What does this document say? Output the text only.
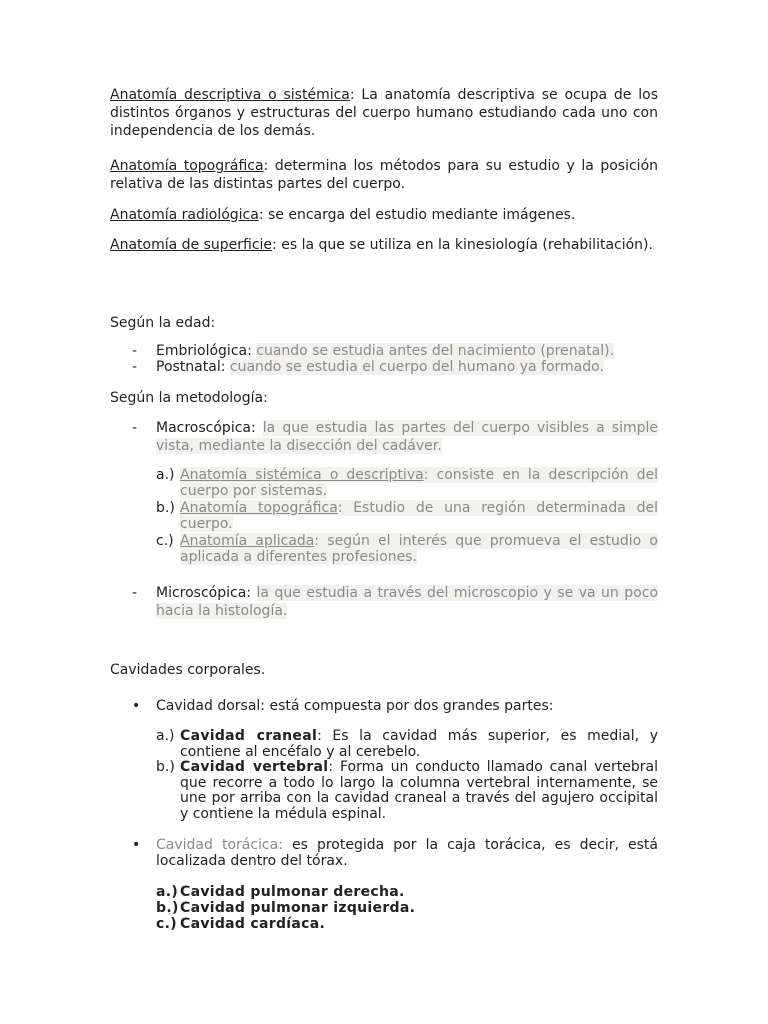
Anatomía descriptiva o sistémica: La anatomía descriptiva se ocupa de los distintos órganos y estructuras del cuerpo humano estudiando cada uno con independencia de los demás.

Anatomía topográfica: determina los métodos para su estudio y la posición relativa de las distintas partes del cuerpo.

Anatomía radiológica: se encarga del estudio mediante imágenes.

Anatomía de superficie: es la que se utiliza en la kinesiología (rehabilitación).

Según la edad:

- Embriológica: cuando se estudia antes del nacimiento (prenatal).
- Postnatal: cuando se estudia el cuerpo del humano ya formado.

Según la metodología:

- Macroscópica: la que estudia las partes del cuerpo visibles a simple vista, mediante la disección del cadáver.
a.) Anatomía sistémica o descriptiva: consiste en la descripción del cuerpo por sistemas.
b.) Anatomía topográfica: Estudio de una región determinada del cuerpo.
c.) Anatomía aplicada: según el interés que promueva el estudio o aplicada a diferentes profesiones.
- Microscópica: la que estudia a través del microscopio y se va un poco hacia la histología.

Cavidades corporales.

• Cavidad dorsal: está compuesta por dos grandes partes:
a.) Cavidad craneal: Es la cavidad más superior, es medial, y contiene al encéfalo y al cerebelo.
b.) Cavidad vertebral: Forma un conducto llamado canal vertebral que recorre a todo lo largo la columna vertebral internamente, se une por arriba con la cavidad craneal a través del agujero occipital y contiene la médula espinal.
• Cavidad torácica: es protegida por la caja torácica, es decir, está localizada dentro del tórax.
a.) Cavidad pulmonar derecha.
b.) Cavidad pulmonar izquierda.
c.) Cavidad cardíaca.
